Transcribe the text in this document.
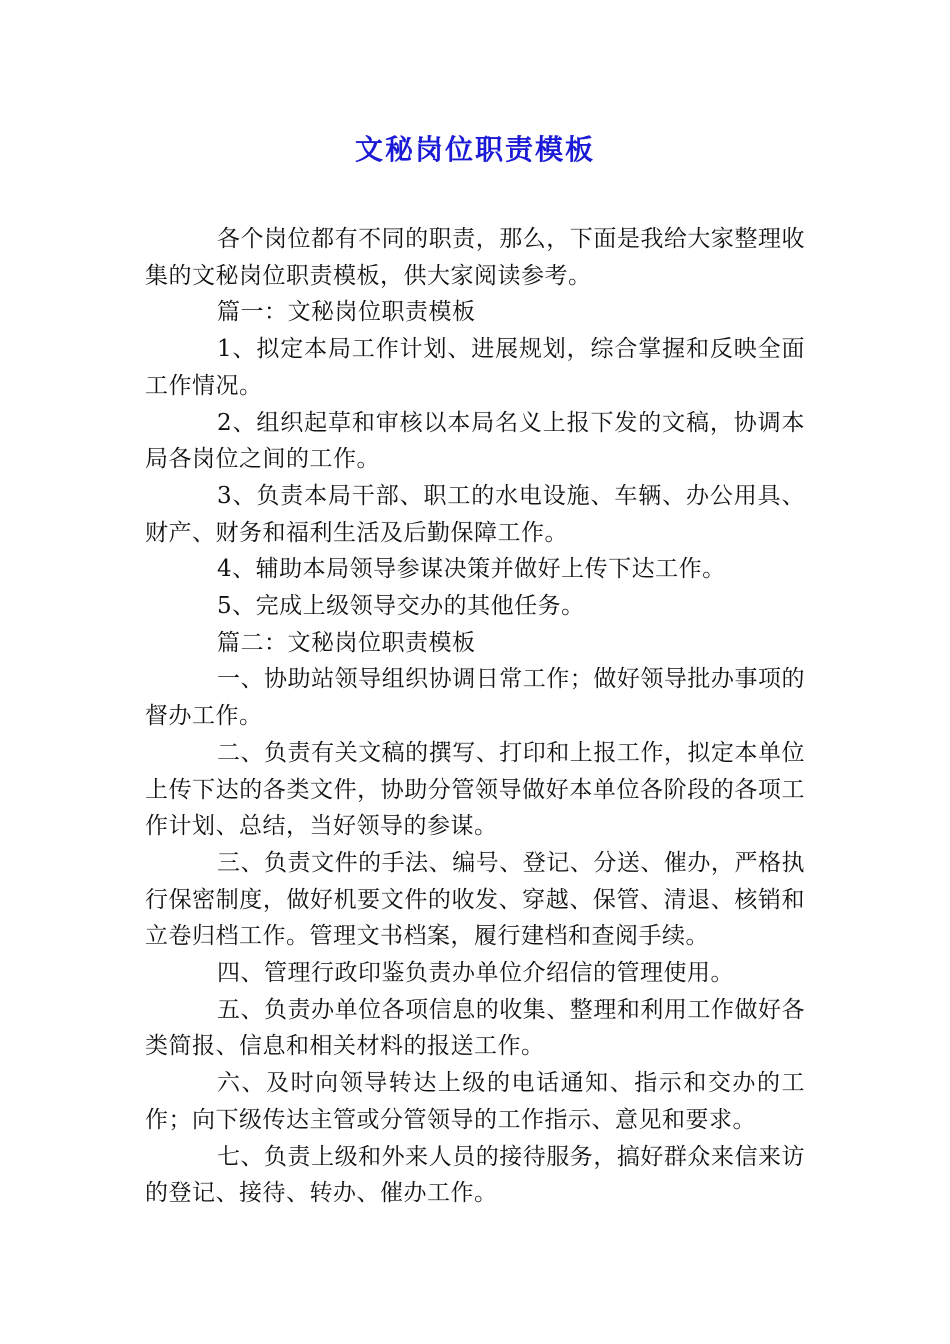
文秘岗位职责模板

各个岗位都有不同的职责，那么，下面是我给大家整理收集的文秘岗位职责模板，供大家阅读参考。

篇一：文秘岗位职责模板

1、拟定本局工作计划、进展规划，综合掌握和反映全面工作情况。

2、组织起草和审核以本局名义上报下发的文稿，协调本局各岗位之间的工作。

3、负责本局干部、职工的水电设施、车辆、办公用具、财产、财务和福利生活及后勤保障工作。

4、辅助本局领导参谋决策并做好上传下达工作。

5、完成上级领导交办的其他任务。

篇二：文秘岗位职责模板

一、协助站领导组织协调日常工作；做好领导批办事项的督办工作。

二、负责有关文稿的撰写、打印和上报工作，拟定本单位上传下达的各类文件，协助分管领导做好本单位各阶段的各项工作计划、总结，当好领导的参谋。

三、负责文件的手法、编号、登记、分送、催办，严格执行保密制度，做好机要文件的收发、穿越、保管、清退、核销和立卷归档工作。管理文书档案，履行建档和查阅手续。

四、管理行政印鉴负责办单位介绍信的管理使用。

五、负责办单位各项信息的收集、整理和利用工作做好各类简报、信息和相关材料的报送工作。

六、及时向领导转达上级的电话通知、指示和交办的工作；向下级传达主管或分管领导的工作指示、意见和要求。

七、负责上级和外来人员的接待服务，搞好群众来信来访的登记、接待、转办、催办工作。
